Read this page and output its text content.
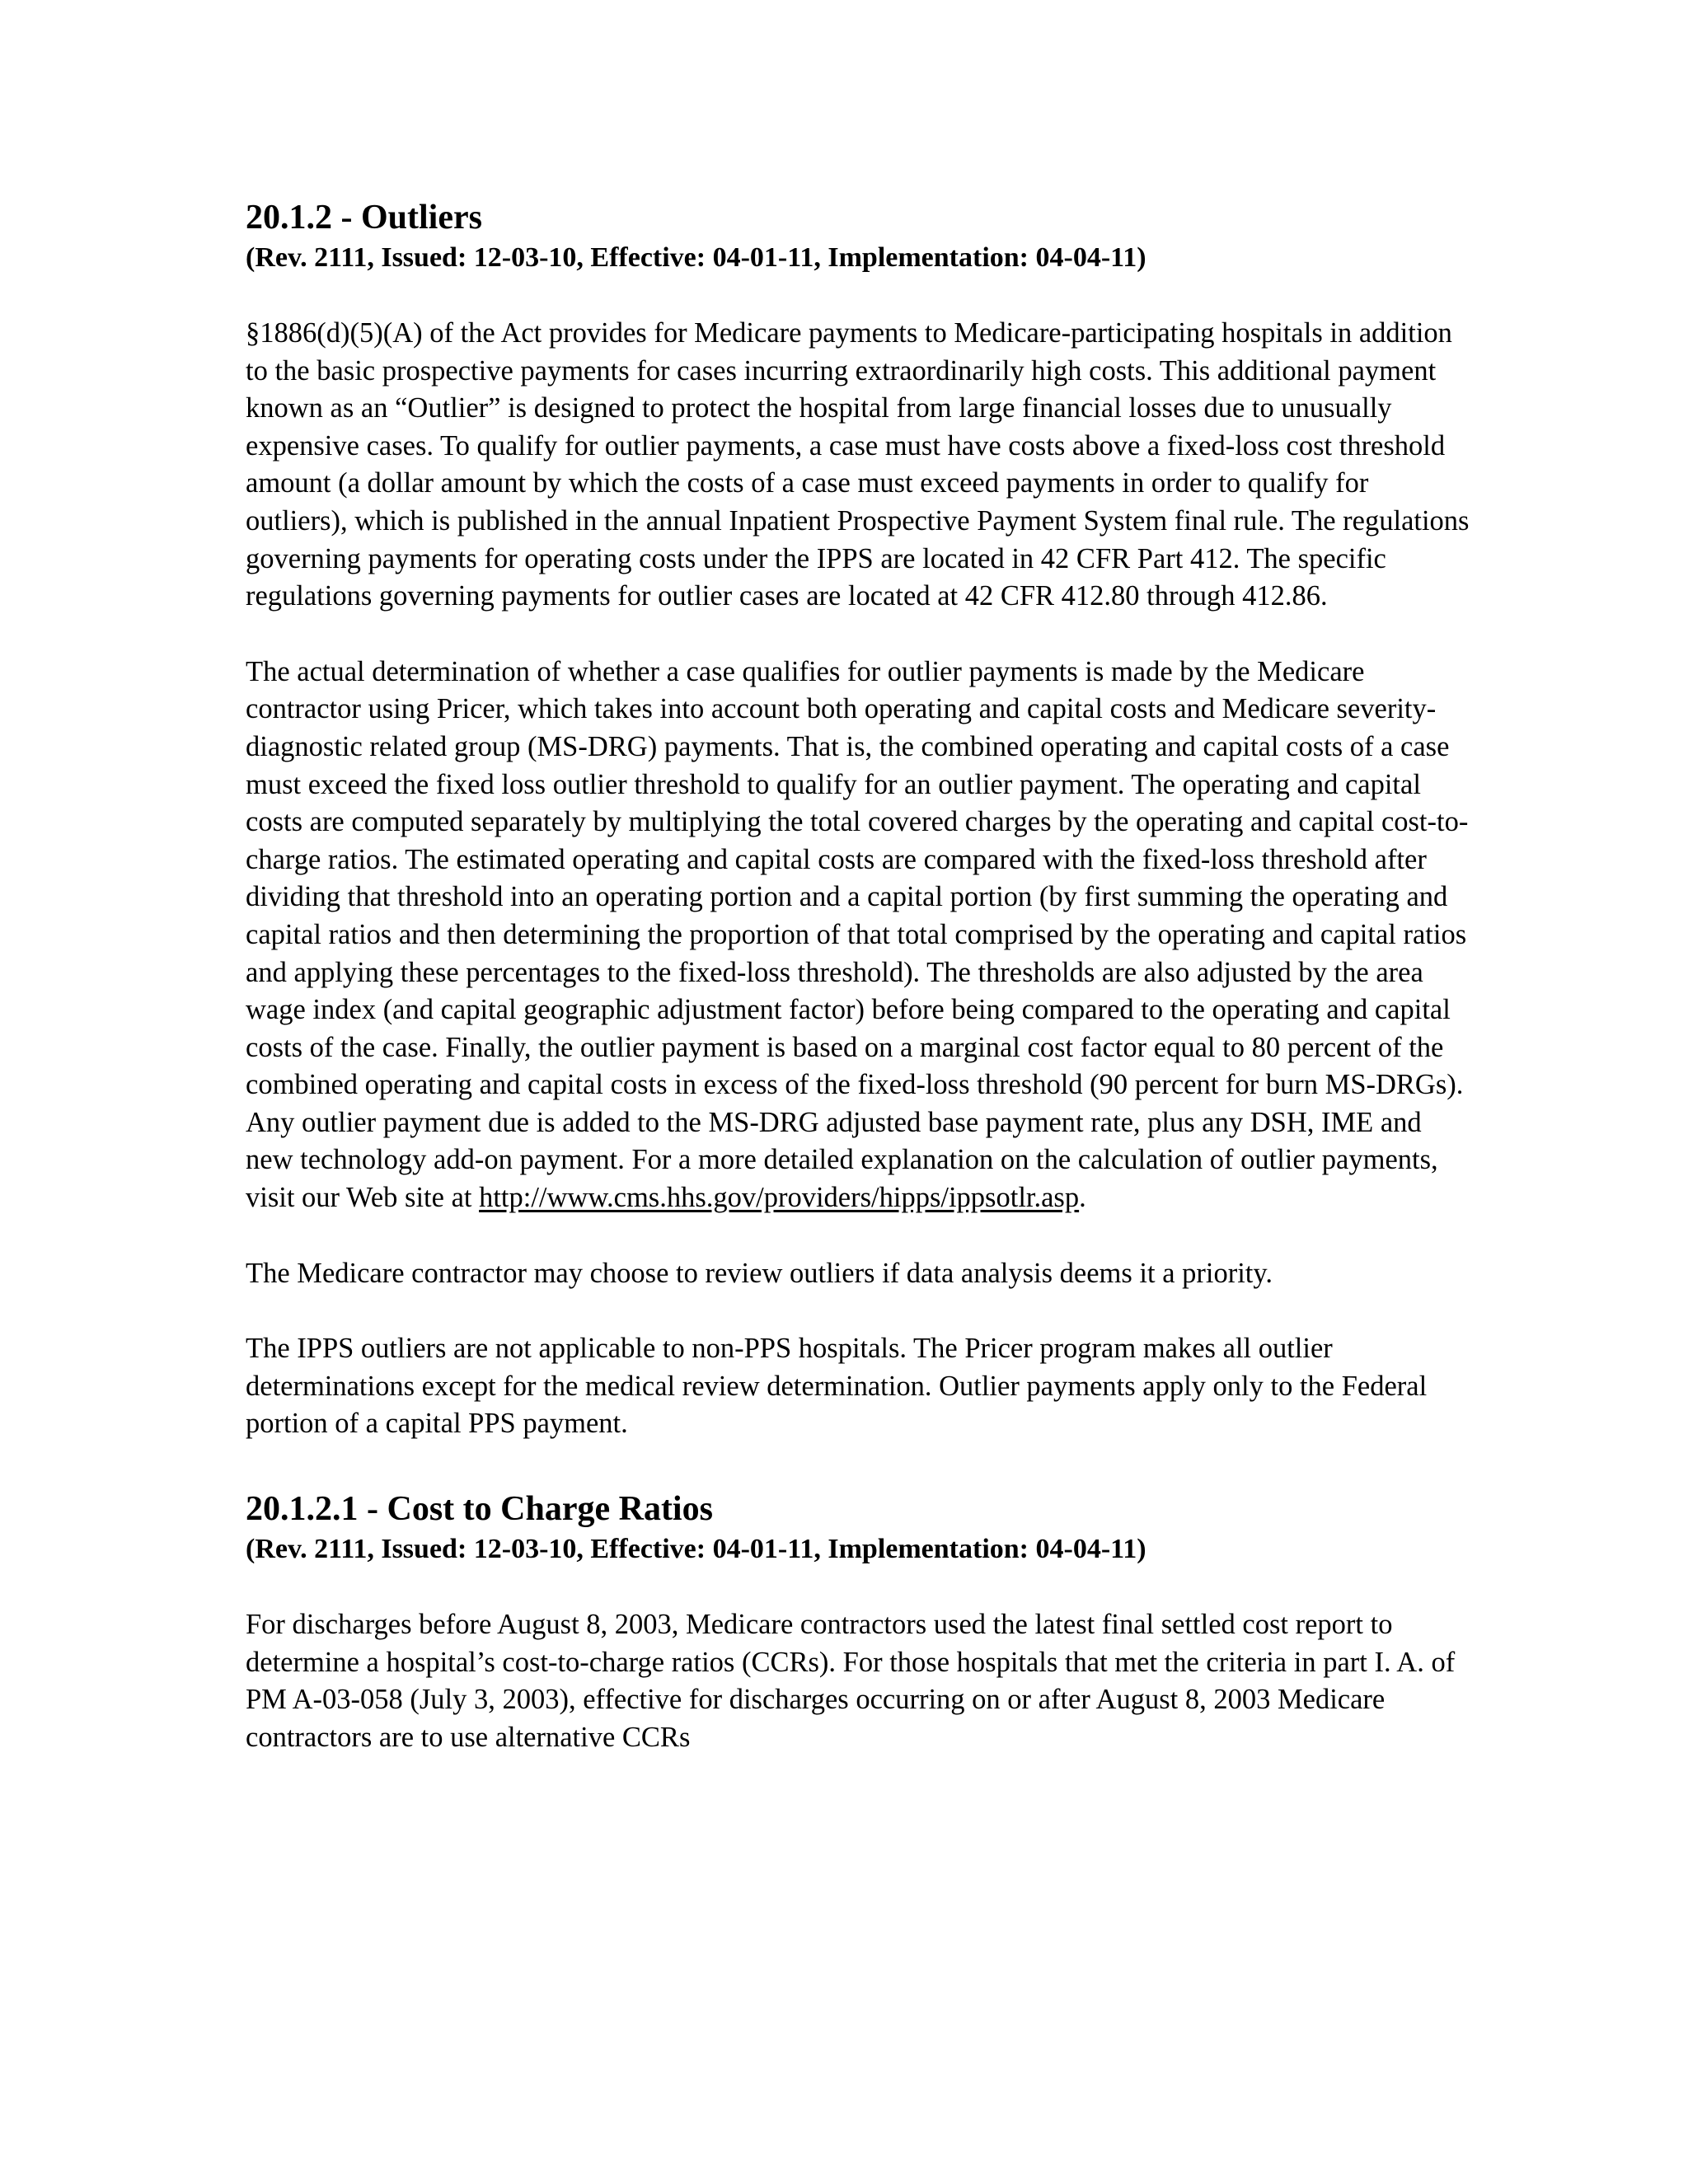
20.1.2 - Outliers

(Rev. 2111, Issued: 12-03-10, Effective: 04-01-11, Implementation: 04-04-11)

§1886(d)(5)(A) of the Act provides for Medicare payments to Medicare-participating hospitals in addition to the basic prospective payments for cases incurring extraordinarily high costs. This additional payment known as an “Outlier” is designed to protect the hospital from large financial losses due to unusually expensive cases. To qualify for outlier payments, a case must have costs above a fixed-loss cost threshold amount (a dollar amount by which the costs of a case must exceed payments in order to qualify for outliers), which is published in the annual Inpatient Prospective Payment System final rule. The regulations governing payments for operating costs under the IPPS are located in 42 CFR Part 412. The specific regulations governing payments for outlier cases are located at 42 CFR 412.80 through 412.86.

The actual determination of whether a case qualifies for outlier payments is made by the Medicare contractor using Pricer, which takes into account both operating and capital costs and Medicare severity-diagnostic related group (MS-DRG) payments. That is, the combined operating and capital costs of a case must exceed the fixed loss outlier threshold to qualify for an outlier payment. The operating and capital costs are computed separately by multiplying the total covered charges by the operating and capital cost-to-charge ratios. The estimated operating and capital costs are compared with the fixed-loss threshold after dividing that threshold into an operating portion and a capital portion (by first summing the operating and capital ratios and then determining the proportion of that total comprised by the operating and capital ratios and applying these percentages to the fixed-loss threshold). The thresholds are also adjusted by the area wage index (and capital geographic adjustment factor) before being compared to the operating and capital costs of the case. Finally, the outlier payment is based on a marginal cost factor equal to 80 percent of the combined operating and capital costs in excess of the fixed-loss threshold (90 percent for burn MS-DRGs). Any outlier payment due is added to the MS-DRG adjusted base payment rate, plus any DSH, IME and new technology add-on payment. For a more detailed explanation on the calculation of outlier payments, visit our Web site at http://www.cms.hhs.gov/providers/hipps/ippsotlr.asp.

The Medicare contractor may choose to review outliers if data analysis deems it a priority.

The IPPS outliers are not applicable to non-PPS hospitals. The Pricer program makes all outlier determinations except for the medical review determination. Outlier payments apply only to the Federal portion of a capital PPS payment.

20.1.2.1 - Cost to Charge Ratios

(Rev. 2111, Issued: 12-03-10, Effective: 04-01-11, Implementation: 04-04-11)

For discharges before August 8, 2003, Medicare contractors used the latest final settled cost report to determine a hospital’s cost-to-charge ratios (CCRs). For those hospitals that met the criteria in part I. A. of PM A-03-058 (July 3, 2003), effective for discharges occurring on or after August 8, 2003 Medicare contractors are to use alternative CCRs
